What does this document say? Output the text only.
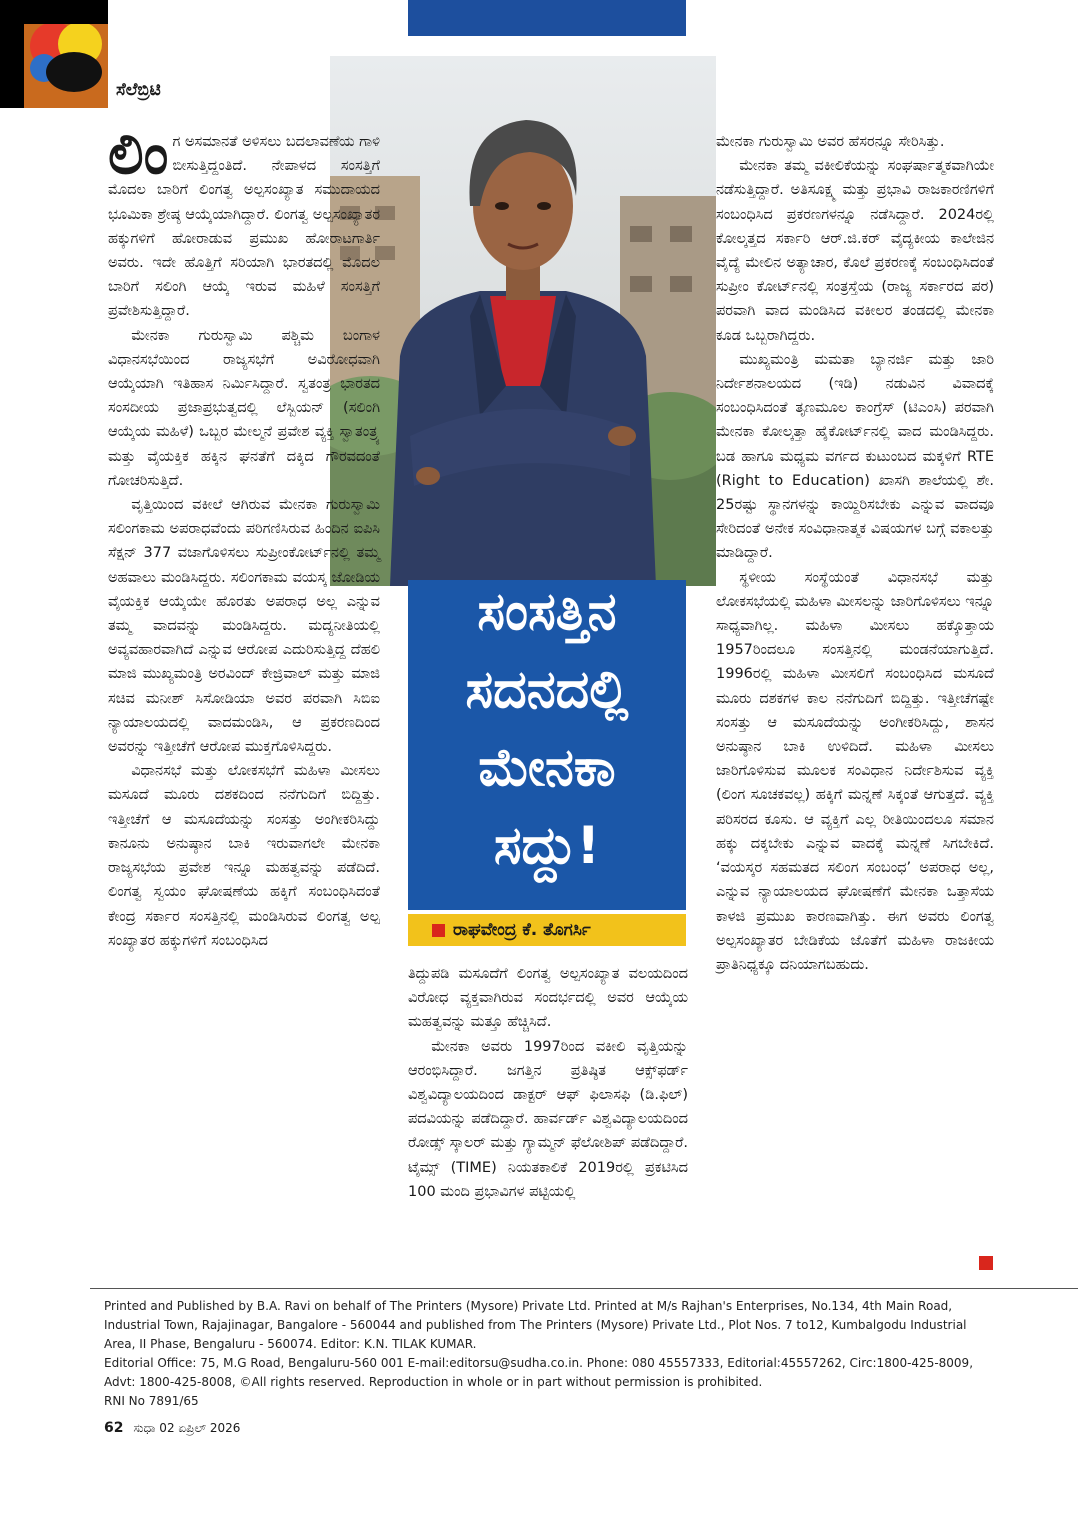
ಸೆಲೆಬ್ರಿಟಿ
ಸಂಸತ್ತಿನ
ಸದನದಲ್ಲಿ
ಮೇನಕಾ
ಸದ್ದು!
ರಾಘವೇಂದ್ರ ಕೆ. ತೊಗರ್ಸಿ

ಲಿಂ ಗ ಅಸಮಾನತೆ ಅಳಿಸಲು ಬದಲಾವಣೆಯ ಗಾಳಿ ಬೀಸುತ್ತಿದ್ದಂತಿದೆ. ನೇಪಾಳದ ಸಂಸತ್ತಿಗೆ ಮೊದಲ ಬಾರಿಗೆ ಲಿಂಗತ್ವ ಅಲ್ಪಸಂಖ್ಯಾತ ಸಮುದಾಯದ ಭೂಮಿಕಾ ಶ್ರೇಷ್ಠ ಆಯ್ಕೆಯಾಗಿದ್ದಾರೆ. ಲಿಂಗತ್ವ ಅಲ್ಪಸಂಖ್ಯಾತರ ಹಕ್ಕುಗಳಿಗೆ ಹೋರಾಡುವ ಪ್ರಮುಖ ಹೋರಾಟಗಾರ್ತಿ ಅವರು. ಇದೇ ಹೊತ್ತಿಗೆ ಸರಿಯಾಗಿ ಭಾರತದಲ್ಲಿ ಮೊದಲ ಬಾರಿಗೆ ಸಲಿಂಗಿ ಆಯ್ಕೆ ಇರುವ ಮಹಿಳೆ ಸಂಸತ್ತಿಗೆ ಪ್ರವೇಶಿಸುತ್ತಿದ್ದಾರೆ.

ಮೇನಕಾ ಗುರುಸ್ವಾಮಿ ಪಶ್ಚಿಮ ಬಂಗಾಳ ವಿಧಾನಸಭೆಯಿಂದ ರಾಜ್ಯಸಭೆಗೆ ಅವಿರೋಧವಾಗಿ ಆಯ್ಕೆಯಾಗಿ ಇತಿಹಾಸ ನಿರ್ಮಿಸಿದ್ದಾರೆ. ಸ್ವತಂತ್ರ ಭಾರತದ ಸಂಸದೀಯ ಪ್ರಜಾಪ್ರಭುತ್ವದಲ್ಲಿ ಲೆಸ್ಬಿಯನ್ (ಸಲಿಂಗಿ ಆಯ್ಕೆಯ ಮಹಿಳೆ) ಒಬ್ಬರ ಮೇಲ್ಮನೆ ಪ್ರವೇಶ ವ್ಯಕ್ತಿ ಸ್ವಾತಂತ್ರ್ಯ ಮತ್ತು ವೈಯಕ್ತಿಕ ಹಕ್ಕಿನ ಘನತೆಗೆ ದಕ್ಕಿದ ಗೌರವದಂತೆ ಗೋಚರಿಸುತ್ತಿದೆ.

ವೃತ್ತಿಯಿಂದ ವಕೀಲೆ ಆಗಿರುವ ಮೇನಕಾ ಗುರುಸ್ವಾಮಿ ಸಲಿಂಗಕಾಮ ಅಪರಾಧವೆಂದು ಪರಿಗಣಿಸಿರುವ ಹಿಂದಿನ ಐಪಿಸಿ ಸೆಕ್ಷನ್ 377 ವಜಾಗೊಳಿಸಲು ಸುಪ್ರೀಂಕೋರ್ಟ್‌ನಲ್ಲಿ ತಮ್ಮ ಅಹವಾಲು ಮಂಡಿಸಿದ್ದರು. ಸಲಿಂಗಕಾಮ ವಯಸ್ಕ ಜೋಡಿಯ ವೈಯಕ್ತಿಕ ಆಯ್ಕೆಯೇ ಹೊರತು ಅಪರಾಧ ಅಲ್ಲ ಎನ್ನುವ ತಮ್ಮ ವಾದವನ್ನು ಮಂಡಿಸಿದ್ದರು. ಮದ್ಯನೀತಿಯಲ್ಲಿ ಅವ್ಯವಹಾರವಾಗಿದೆ ಎನ್ನುವ ಆರೋಪ ಎದುರಿಸುತ್ತಿದ್ದ ದೆಹಲಿ ಮಾಜಿ ಮುಖ್ಯಮಂತ್ರಿ ಅರವಿಂದ್ ಕೇಜ್ರಿವಾಲ್ ಮತ್ತು ಮಾಜಿ ಸಚಿವ ಮನೀಶ್ ಸಿಸೋಡಿಯಾ ಅವರ ಪರವಾಗಿ ಸಿಬಿಐ ನ್ಯಾಯಾಲಯದಲ್ಲಿ ವಾದಮಂಡಿಸಿ, ಆ ಪ್ರಕರಣದಿಂದ ಅವರನ್ನು ಇತ್ತೀಚೆಗೆ ಆರೋಪ ಮುಕ್ತಗೊಳಿಸಿದ್ದರು.

ವಿಧಾನಸಭೆ ಮತ್ತು ಲೋಕಸಭೆಗೆ ಮಹಿಳಾ ಮೀಸಲು ಮಸೂದೆ ಮೂರು ದಶಕದಿಂದ ನನೆಗುದಿಗೆ ಬಿದ್ದಿತ್ತು. ಇತ್ತೀಚೆಗೆ ಆ ಮಸೂದೆಯನ್ನು ಸಂಸತ್ತು ಅಂಗೀಕರಿಸಿದ್ದು ಕಾನೂನು ಅನುಷ್ಠಾನ ಬಾಕಿ ಇರುವಾಗಲೇ ಮೇನಕಾ ರಾಜ್ಯಸಭೆಯ ಪ್ರವೇಶ ಇನ್ನೂ ಮಹತ್ವವನ್ನು ಪಡೆದಿದೆ. ಲಿಂಗತ್ವ ಸ್ವಯಂ ಘೋಷಣೆಯ ಹಕ್ಕಿಗೆ ಸಂಬಂಧಿಸಿದಂತೆ ಕೇಂದ್ರ ಸರ್ಕಾರ ಸಂಸತ್ತಿನಲ್ಲಿ ಮಂಡಿಸಿರುವ ಲಿಂಗತ್ವ ಅಲ್ಪ ಸಂಖ್ಯಾತರ ಹಕ್ಕುಗಳಿಗೆ ಸಂಬಂಧಿಸಿದ

ತಿದ್ದುಪಡಿ ಮಸೂದೆಗೆ ಲಿಂಗತ್ವ ಅಲ್ಪಸಂಖ್ಯಾತ ವಲಯದಿಂದ ವಿರೋಧ ವ್ಯಕ್ತವಾಗಿರುವ ಸಂದರ್ಭದಲ್ಲಿ ಅವರ ಆಯ್ಕೆಯ ಮಹತ್ವವನ್ನು ಮತ್ತೂ ಹೆಚ್ಚಿಸಿದೆ.

ಮೇನಕಾ ಅವರು 1997ರಿಂದ ವಕೀಲಿ ವೃತ್ತಿಯನ್ನು ಆರಂಭಿಸಿದ್ದಾರೆ. ಜಗತ್ತಿನ ಪ್ರತಿಷ್ಠಿತ ಆಕ್ಸ್‌ಫರ್ಡ್ ವಿಶ್ವವಿದ್ಯಾಲಯದಿಂದ ಡಾಕ್ಟರ್ ಆಫ್ ಫಿಲಾಸಫಿ (ಡಿ.ಫಿಲ್) ಪದವಿಯನ್ನು ಪಡೆದಿದ್ದಾರೆ. ಹಾರ್ವರ್ಡ್ ವಿಶ್ವವಿದ್ಯಾಲಯದಿಂದ ರೋಡ್ಸ್ ಸ್ಕಾಲರ್ ಮತ್ತು ಗ್ಯಾಮ್ಮನ್ ಫೆಲೋಶಿಪ್ ಪಡೆದಿದ್ದಾರೆ. ಟೈಮ್ಸ್ (TIME) ನಿಯತಕಾಲಿಕೆ 2019ರಲ್ಲಿ ಪ್ರಕಟಿಸಿದ 100 ಮಂದಿ ಪ್ರಭಾವಿಗಳ ಪಟ್ಟಿಯಲ್ಲಿ

ಮೇನಕಾ ಗುರುಸ್ವಾಮಿ ಅವರ ಹೆಸರನ್ನೂ ಸೇರಿಸಿತ್ತು.

ಮೇನಕಾ ತಮ್ಮ ವಕೀಲಿಕೆಯನ್ನು ಸಂಘರ್ಷಾತ್ಮಕವಾಗಿಯೇ ನಡೆಸುತ್ತಿದ್ದಾರೆ. ಅತಿಸೂಕ್ಷ್ಮ ಮತ್ತು ಪ್ರಭಾವಿ ರಾಜಕಾರಣಿಗಳಿಗೆ ಸಂಬಂಧಿಸಿದ ಪ್ರಕರಣಗಳನ್ನೂ ನಡೆಸಿದ್ದಾರೆ. 2024ರಲ್ಲಿ ಕೋಲ್ಕತ್ತದ ಸರ್ಕಾರಿ ಆರ್.ಜಿ.ಕರ್ ವೈದ್ಯಕೀಯ ಕಾಲೇಜಿನ ವೈದ್ಯೆ ಮೇಲಿನ ಅತ್ಯಾಚಾರ, ಕೊಲೆ ಪ್ರಕರಣಕ್ಕೆ ಸಂಬಂಧಿಸಿದಂತೆ ಸುಪ್ರೀಂ ಕೋರ್ಟ್‌ನಲ್ಲಿ ಸಂತ್ರಸ್ತೆಯ (ರಾಜ್ಯ ಸರ್ಕಾರದ ಪರ) ಪರವಾಗಿ ವಾದ ಮಂಡಿಸಿದ ವಕೀಲರ ತಂಡದಲ್ಲಿ ಮೇನಕಾ ಕೂಡ ಒಬ್ಬರಾಗಿದ್ದರು.

ಮುಖ್ಯಮಂತ್ರಿ ಮಮತಾ ಬ್ಯಾನರ್ಜಿ ಮತ್ತು ಜಾರಿ ನಿರ್ದೇಶನಾಲಯದ (ಇಡಿ) ನಡುವಿನ ವಿವಾದಕ್ಕೆ ಸಂಬಂಧಿಸಿದಂತೆ ತೃಣಮೂಲ ಕಾಂಗ್ರೆಸ್ (ಟಿಎಂಸಿ) ಪರವಾಗಿ ಮೇನಕಾ ಕೋಲ್ಕತ್ತಾ ಹೈಕೋರ್ಟ್‌ನಲ್ಲಿ ವಾದ ಮಂಡಿಸಿದ್ದರು. ಬಡ ಹಾಗೂ ಮಧ್ಯಮ ವರ್ಗದ ಕುಟುಂಬದ ಮಕ್ಕಳಿಗೆ RTE (Right to Education) ಖಾಸಗಿ ಶಾಲೆಯಲ್ಲಿ ಶೇ. 25ರಷ್ಟು ಸ್ಥಾನಗಳನ್ನು ಕಾಯ್ದಿರಿಸಬೇಕು ಎನ್ನುವ ವಾದವೂ ಸೇರಿದಂತೆ ಅನೇಕ ಸಂವಿಧಾನಾತ್ಮಕ ವಿಷಯಗಳ ಬಗ್ಗೆ ವಕಾಲತ್ತು ಮಾಡಿದ್ದಾರೆ.

ಸ್ಥಳೀಯ ಸಂಸ್ಥೆಯಂತೆ ವಿಧಾನಸಭೆ ಮತ್ತು ಲೋಕಸಭೆಯಲ್ಲಿ ಮಹಿಳಾ ಮೀಸಲನ್ನು ಜಾರಿಗೊಳಿಸಲು ಇನ್ನೂ ಸಾಧ್ಯವಾಗಿಲ್ಲ. ಮಹಿಳಾ ಮೀಸಲು ಹಕ್ಕೊತ್ತಾಯ 1957ರಿಂದಲೂ ಸಂಸತ್ತಿನಲ್ಲಿ ಮಂಡನೆಯಾಗುತ್ತಿದೆ. 1996ರಲ್ಲಿ ಮಹಿಳಾ ಮೀಸಲಿಗೆ ಸಂಬಂಧಿಸಿದ ಮಸೂದೆ ಮೂರು ದಶಕಗಳ ಕಾಲ ನನೆಗುದಿಗೆ ಬಿದ್ದಿತ್ತು. ಇತ್ತೀಚೆಗಷ್ಟೇ ಸಂಸತ್ತು ಆ ಮಸೂದೆಯನ್ನು ಅಂಗೀಕರಿಸಿದ್ದು, ಶಾಸನ ಅನುಷ್ಠಾನ ಬಾಕಿ ಉಳಿದಿದೆ. ಮಹಿಳಾ ಮೀಸಲು ಜಾರಿಗೊಳಿಸುವ ಮೂಲಕ ಸಂವಿಧಾನ ನಿರ್ದೇಶಿಸುವ ವ್ಯಕ್ತಿ (ಲಿಂಗ ಸೂಚಕವಲ್ಲ) ಹಕ್ಕಿಗೆ ಮನ್ನಣೆ ಸಿಕ್ಕಂತೆ ಆಗುತ್ತದೆ. ವ್ಯಕ್ತಿ ಪರಿಸರದ ಕೂಸು. ಆ ವ್ಯಕ್ತಿಗೆ ಎಲ್ಲ ರೀತಿಯಿಂದಲೂ ಸಮಾನ ಹಕ್ಕು ದಕ್ಕಬೇಕು ಎನ್ನುವ ವಾದಕ್ಕೆ ಮನ್ನಣೆ ಸಿಗಬೇಕಿದೆ. ‘ವಯಸ್ಕರ ಸಹಮತದ ಸಲಿಂಗ ಸಂಬಂಧ’ ಅಪರಾಧ ಅಲ್ಲ, ಎನ್ನುವ ನ್ಯಾಯಾಲಯದ ಘೋಷಣೆಗೆ ಮೇನಕಾ ಒತ್ತಾಸೆಯ ಕಾಳಜಿ ಪ್ರಮುಖ ಕಾರಣವಾಗಿತ್ತು. ಈಗ ಅವರು ಲಿಂಗತ್ವ ಅಲ್ಪಸಂಖ್ಯಾತರ ಬೇಡಿಕೆಯ ಜೊತೆಗೆ ಮಹಿಳಾ ರಾಜಕೀಯ ಪ್ರಾತಿನಿಧ್ಯಕ್ಕೂ ದನಿಯಾಗಬಹುದು.

Printed and Published by B.A. Ravi on behalf of The Printers (Mysore) Private Ltd. Printed at M/s Rajhan's Enterprises, No.134, 4th Main Road, Industrial Town, Rajajinagar, Bangalore - 560044 and published from The Printers (Mysore) Private Ltd., Plot Nos. 7 to12, Kumbalgodu Industrial Area, II Phase, Bengaluru - 560074. Editor: K.N. TILAK KUMAR.
Editorial Office: 75, M.G Road, Bengaluru-560 001 E-mail:editorsu@sudha.co.in. Phone: 080 45557333, Editorial:45557262, Circ:1800-425-8009, Advt: 1800-425-8008, ©All rights reserved. Reproduction in whole or in part without permission is prohibited.
RNI No 7891/65
62 ಸುಧಾ 02 ಏಪ್ರಿಲ್ 2026
